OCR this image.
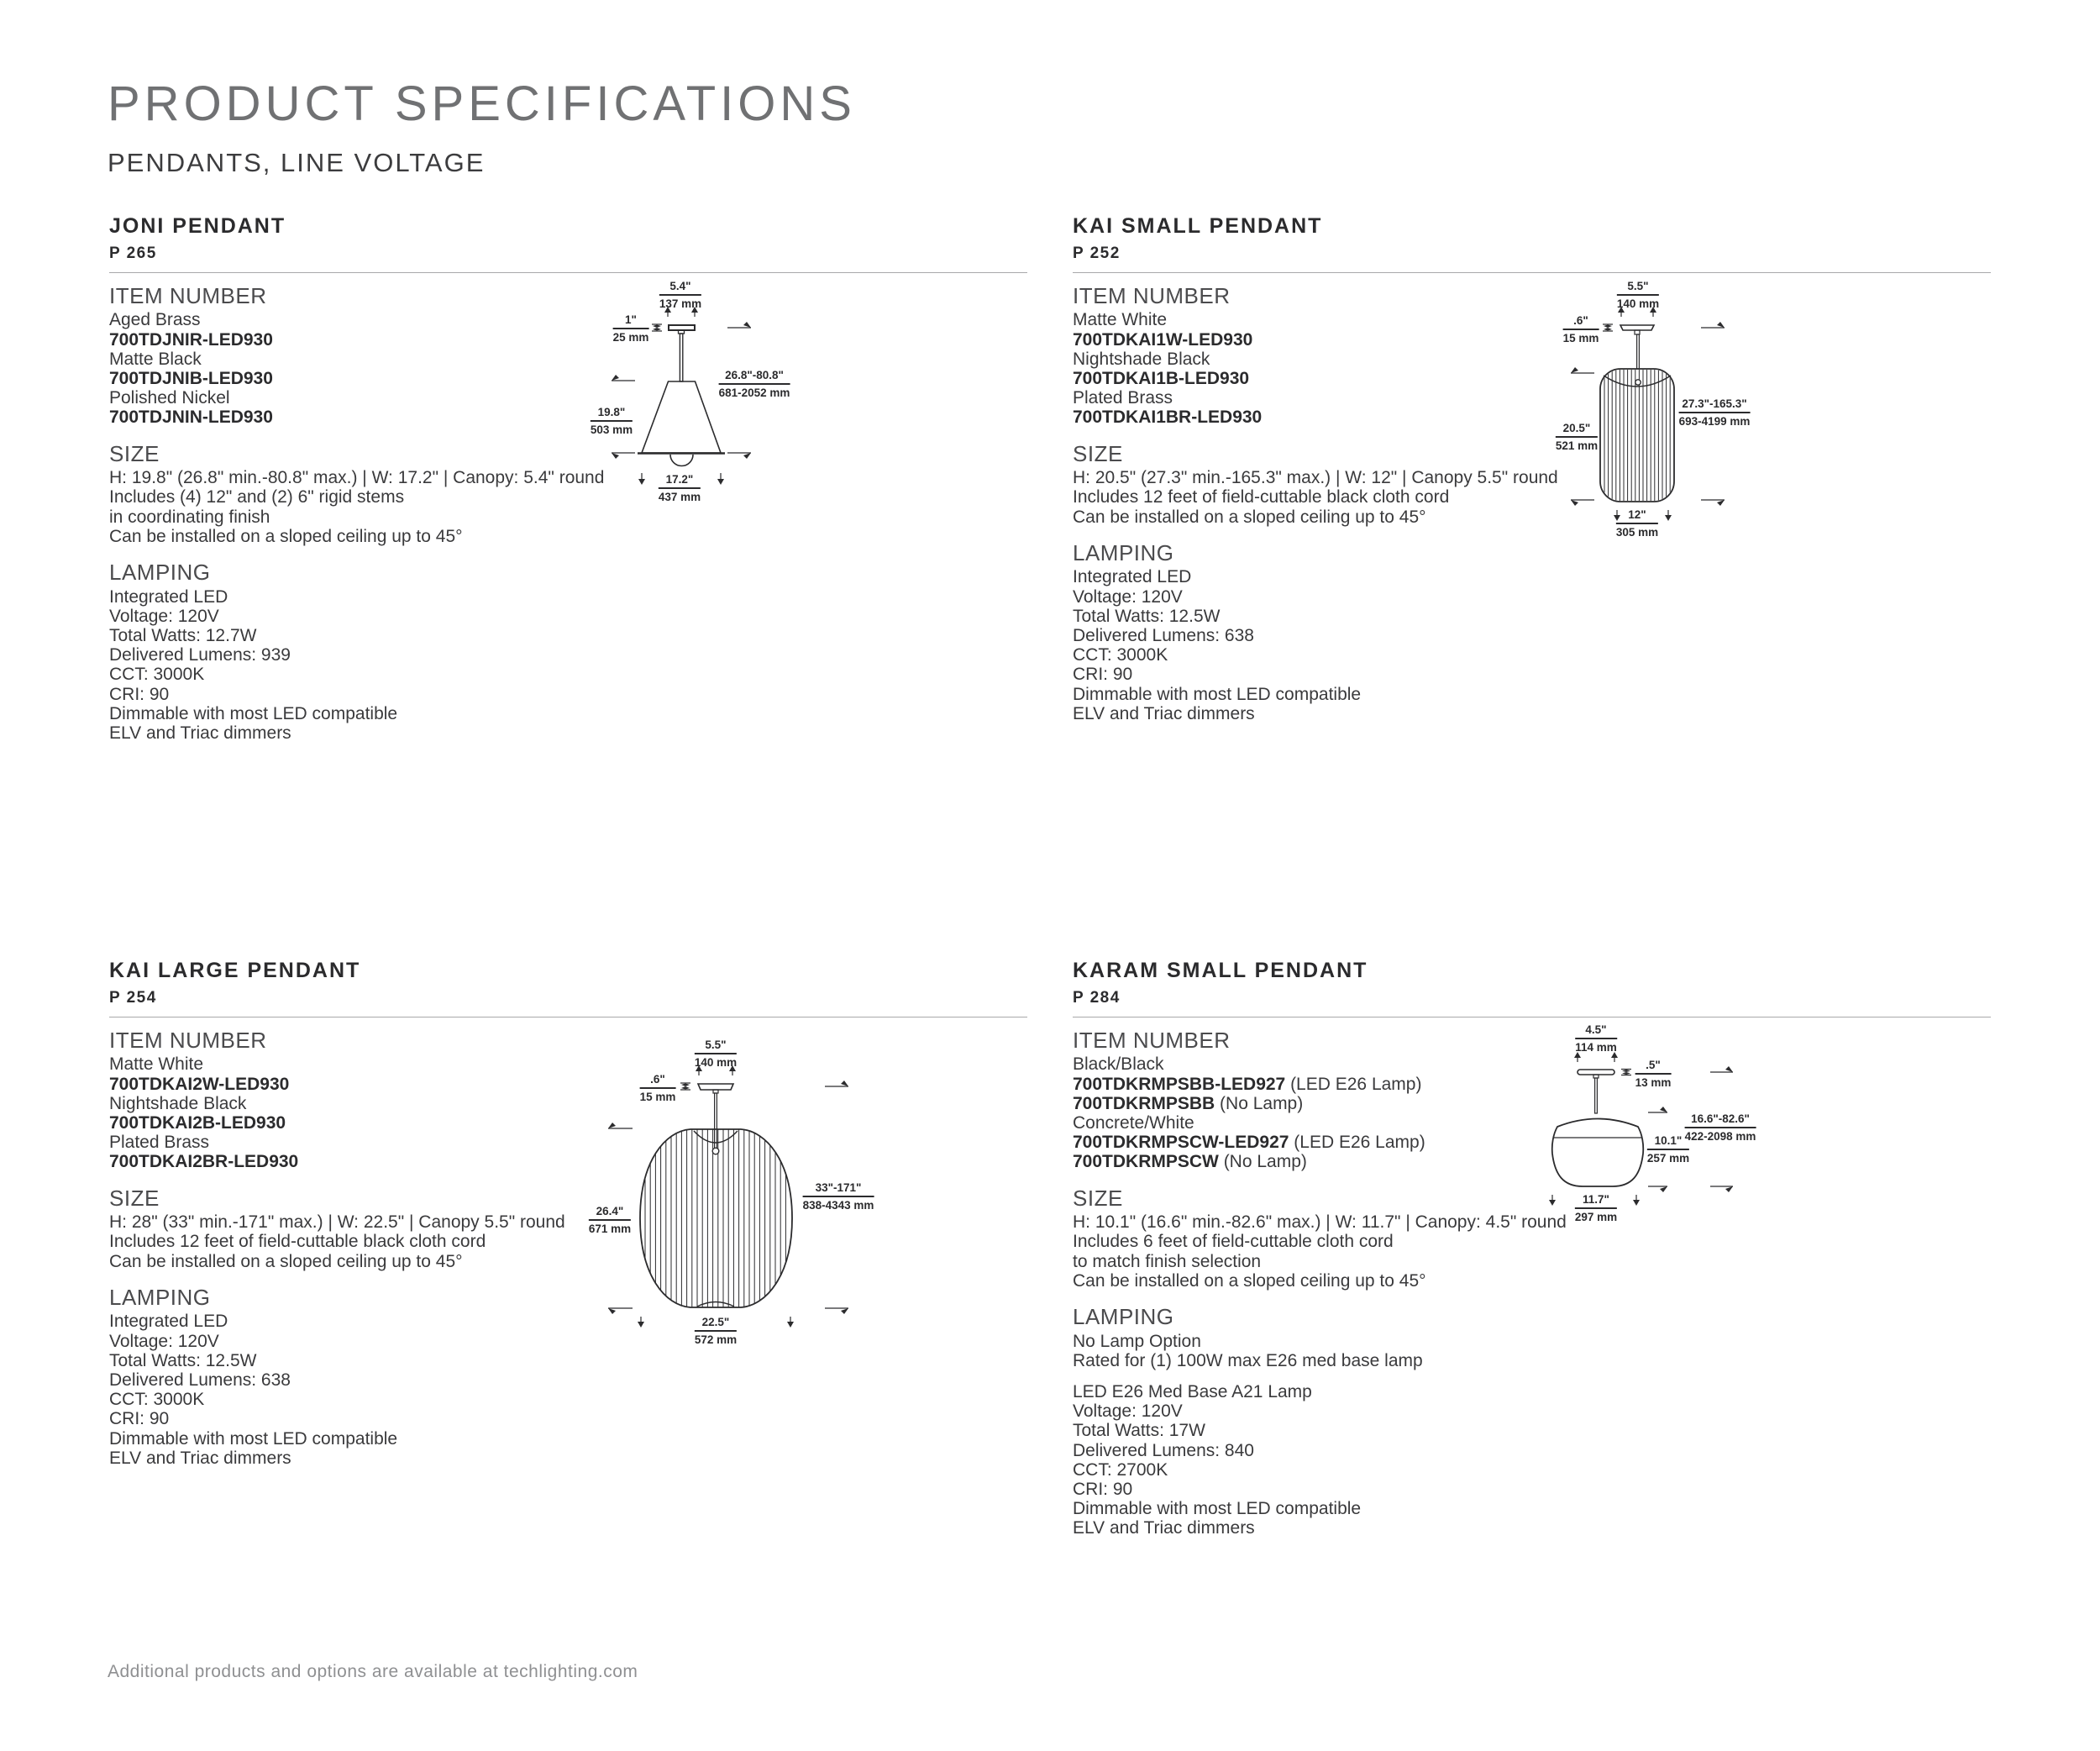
PRODUCT SPECIFICATIONS
PENDANTS, LINE VOLTAGE
JONI PENDANT
P 265
ITEM NUMBER
Aged Brass
700TDJNIR-LED930
Matte Black
700TDJNIB-LED930
Polished Nickel
700TDJNIN-LED930
SIZE
H: 19.8" (26.8" min.-80.8" max.) | W: 17.2" | Canopy: 5.4" round
Includes (4) 12" and (2) 6" rigid stems
in coordinating finish
Can be installed on a sloped ceiling up to 45°
LAMPING
Integrated LED
Voltage: 120V
Total Watts: 12.7W
Delivered Lumens: 939
CCT: 3000K
CRI: 90
Dimmable with most LED compatible
ELV and Triac dimmers
5.4"
137 mm
1"
25 mm
26.8"-80.8"
681-2052 mm
19.8"
503 mm
17.2"
437 mm
KAI SMALL PENDANT
P 252
ITEM NUMBER
Matte White
700TDKAI1W-LED930
Nightshade Black
700TDKAI1B-LED930
Plated Brass
700TDKAI1BR-LED930
SIZE
H: 20.5" (27.3" min.-165.3" max.) | W: 12" | Canopy 5.5" round
Includes 12 feet of field-cuttable black cloth cord
Can be installed on a sloped ceiling up to 45°
LAMPING
Integrated LED
Voltage: 120V
Total Watts: 12.5W
Delivered Lumens: 638
CCT: 3000K
CRI: 90
Dimmable with most LED compatible
ELV and Triac dimmers
5.5"
140 mm
.6"
15 mm
27.3"-165.3"
693-4199 mm
20.5"
521 mm
12"
305 mm
KAI LARGE PENDANT
P 254
ITEM NUMBER
Matte White
700TDKAI2W-LED930
Nightshade Black
700TDKAI2B-LED930
Plated Brass
700TDKAI2BR-LED930
SIZE
H: 28" (33" min.-171" max.) | W: 22.5" | Canopy 5.5" round
Includes 12 feet of field-cuttable black cloth cord
Can be installed on a sloped ceiling up to 45°
LAMPING
Integrated LED
Voltage: 120V
Total Watts: 12.5W
Delivered Lumens: 638
CCT: 3000K
CRI: 90
Dimmable with most LED compatible
ELV and Triac dimmers
5.5"
140 mm
.6"
15 mm
33"-171"
838-4343 mm
26.4"
671 mm
22.5"
572 mm
KARAM SMALL PENDANT
P 284
ITEM NUMBER
Black/Black
700TDKRMPSBB-LED927 (LED E26 Lamp)
700TDKRMPSBB (No Lamp)
Concrete/White
700TDKRMPSCW-LED927 (LED E26 Lamp)
700TDKRMPSCW (No Lamp)
SIZE
H: 10.1" (16.6" min.-82.6" max.) | W: 11.7" | Canopy: 4.5" round
Includes 6 feet of field-cuttable cloth cord
to match finish selection
Can be installed on a sloped ceiling up to 45°
LAMPING
No Lamp Option
Rated for (1) 100W max E26 med base lamp
LED E26 Med Base A21 Lamp
Voltage: 120V
Total Watts: 17W
Delivered Lumens: 840
CCT: 2700K
CRI: 90
Dimmable with most LED compatible
ELV and Triac dimmers
4.5"
114 mm
.5"
13 mm
16.6"-82.6"
422-2098 mm
10.1"
257 mm
11.7"
297 mm
Additional products and options are available at techlighting.com
